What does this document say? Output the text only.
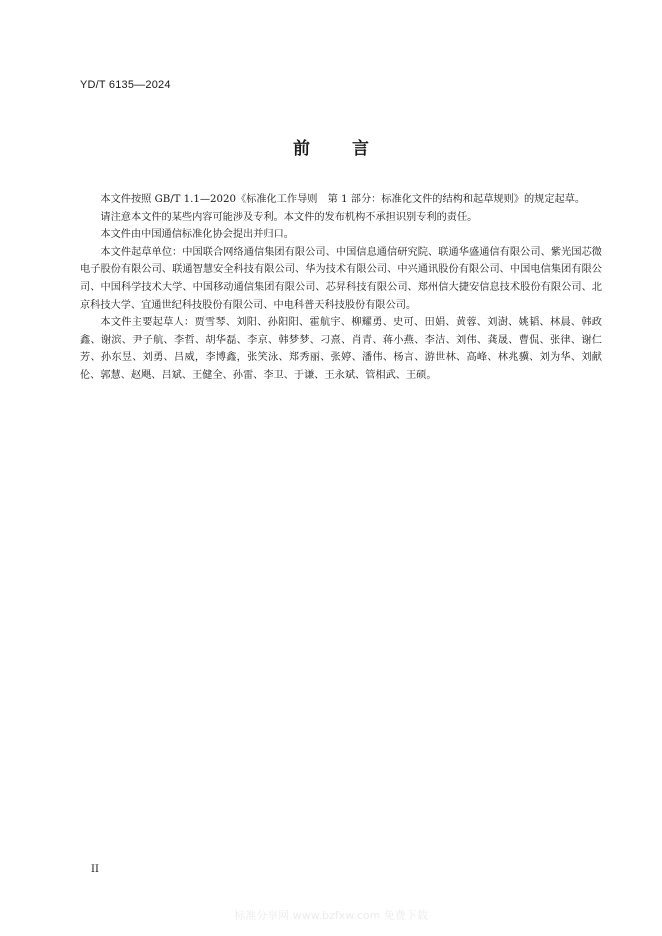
YD/T 6135—2024
前 言

本文件按照 GB/T 1.1—2020《标准化工作导则　第 1 部分：标准化文件的结构和起草规则》的规定起草。

请注意本文件的某些内容可能涉及专利。本文件的发布机构不承担识别专利的责任。

本文件由中国通信标准化协会提出并归口。

本文件起草单位：中国联合网络通信集团有限公司、中国信息通信研究院、联通华盛通信有限公司、紫光国芯微电子股份有限公司、联通智慧安全科技有限公司、华为技术有限公司、中兴通讯股份有限公司、中国电信集团有限公司、中国科学技术大学、中国移动通信集团有限公司、芯昇科技有限公司、郑州信大捷安信息技术股份有限公司、北京科技大学、宜通世纪科技股份有限公司、中电科普天科技股份有限公司。

本文件主要起草人：贾雪琴、刘阳、孙阳阳、霍航宇、柳耀勇、史可、田娟、黄蓉、刘澍、姚韬、林晨、韩政鑫、谢滨、尹子航、李哲、胡华磊、李京、韩梦梦、刁熹、肖青、蒋小燕、李洁、刘伟、龚晟、曹侃、张律、谢仁芳、孙东昱、刘勇、吕威，李博鑫，张笑泳、郑秀丽、张婷、潘伟、杨言、游世林、高峰、林兆骥、刘为华、刘献伦、郭慧、赵飓、吕斌、王健全、孙雷、李卫、于谦、王永斌、管相武、王硕。

II
标准分享网 www.bzfxw.com 免费下载
